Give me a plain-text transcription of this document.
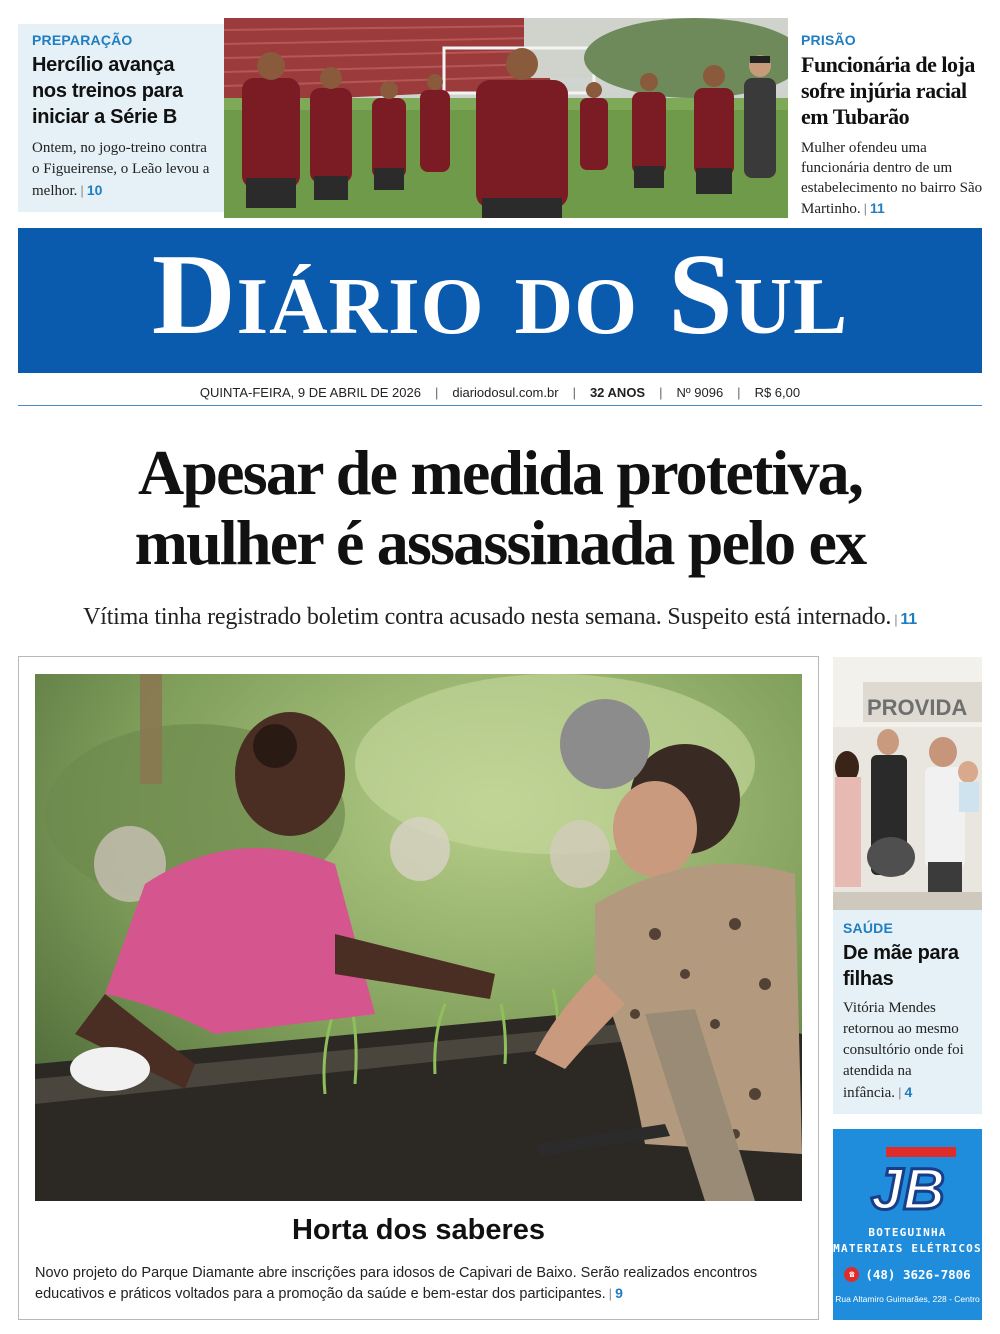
PREPARAÇÃO
Hercílio avança nos treinos para iniciar a Série B
Ontem, no jogo-treino contra o Figueirense, o Leão levou a melhor. | 10
PRISÃO
Funcionária de loja sofre injúria racial em Tubarão
Mulher ofendeu uma funcionária dentro de um estabelecimento no bairro São Martinho. | 11
Diário do Sul
QUINTA-FEIRA, 9 DE ABRIL DE 2026 | diariodosul.com.br | 32 ANOS | Nº 9096 | R$ 6,00
Apesar de medida protetiva,
mulher é assassinada pelo ex
Vítima tinha registrado boletim contra acusado nesta semana. Suspeito está internado. | 11
Horta dos saberes
Novo projeto do Parque Diamante abre inscrições para idosos de Capivari de Baixo. Serão realizados encontros educativos e práticos voltados para a promoção da saúde e bem-estar dos participantes. | 9
PROVIDA
SAÚDE
De mãe para filhas
Vitória Mendes retornou ao mesmo consultório onde foi atendida na infância. | 4
JB
BOTEGUINHA
MATERIAIS ELÉTRICOS
☎ (48) 3626-7806
Rua Altamiro Guimarães, 228 - Centro
